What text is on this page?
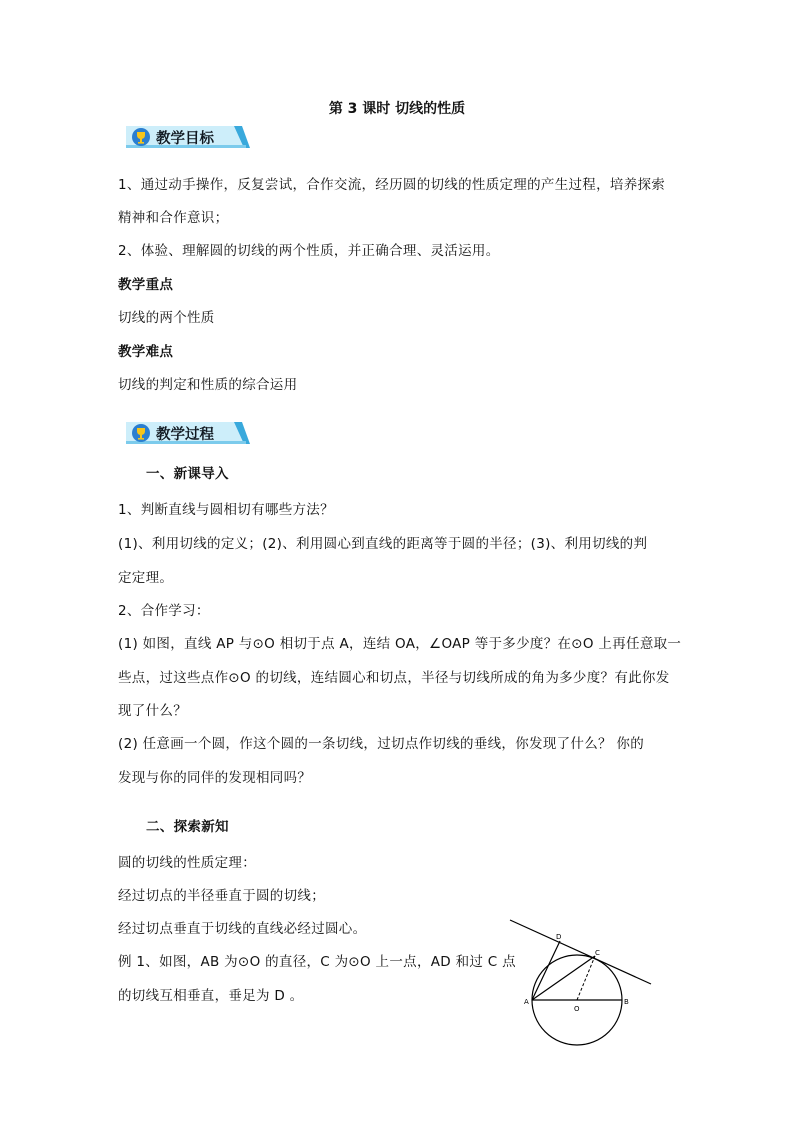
第 3 课时 切线的性质
教学目标
1、通过动手操作，反复尝试，合作交流，经历圆的切线的性质定理的产生过程，培养探索
精神和合作意识；
2、体验、理解圆的切线的两个性质，并正确合理、灵活运用。
教学重点
切线的两个性质
教学难点
切线的判定和性质的综合运用
教学过程
一、新课导入
1、判断直线与圆相切有哪些方法？
(1)、利用切线的定义；(2)、利用圆心到直线的距离等于圆的半径；(3)、利用切线的判
定定理。
2、合作学习：
(1) 如图，直线 AP 与⊙O 相切于点 A，连结 OA，∠OAP 等于多少度？在⊙O 上再任意取一
些点，过这些点作⊙O 的切线，连结圆心和切点，半径与切线所成的角为多少度？有此你发
现了什么？
(2) 任意画一个圆，作这个圆的一条切线，过切点作切线的垂线，你发现了什么？ 你的
发现与你的同伴的发现相同吗？
二、探索新知
圆的切线的性质定理：
经过切点的半径垂直于圆的切线；
经过切点垂直于切线的直线必经过圆心。
例 1、如图，AB 为⊙O 的直径，C 为⊙O 上一点，AD 和过 C 点
的切线互相垂直，垂足为 D 。	A	B
C
D
O
